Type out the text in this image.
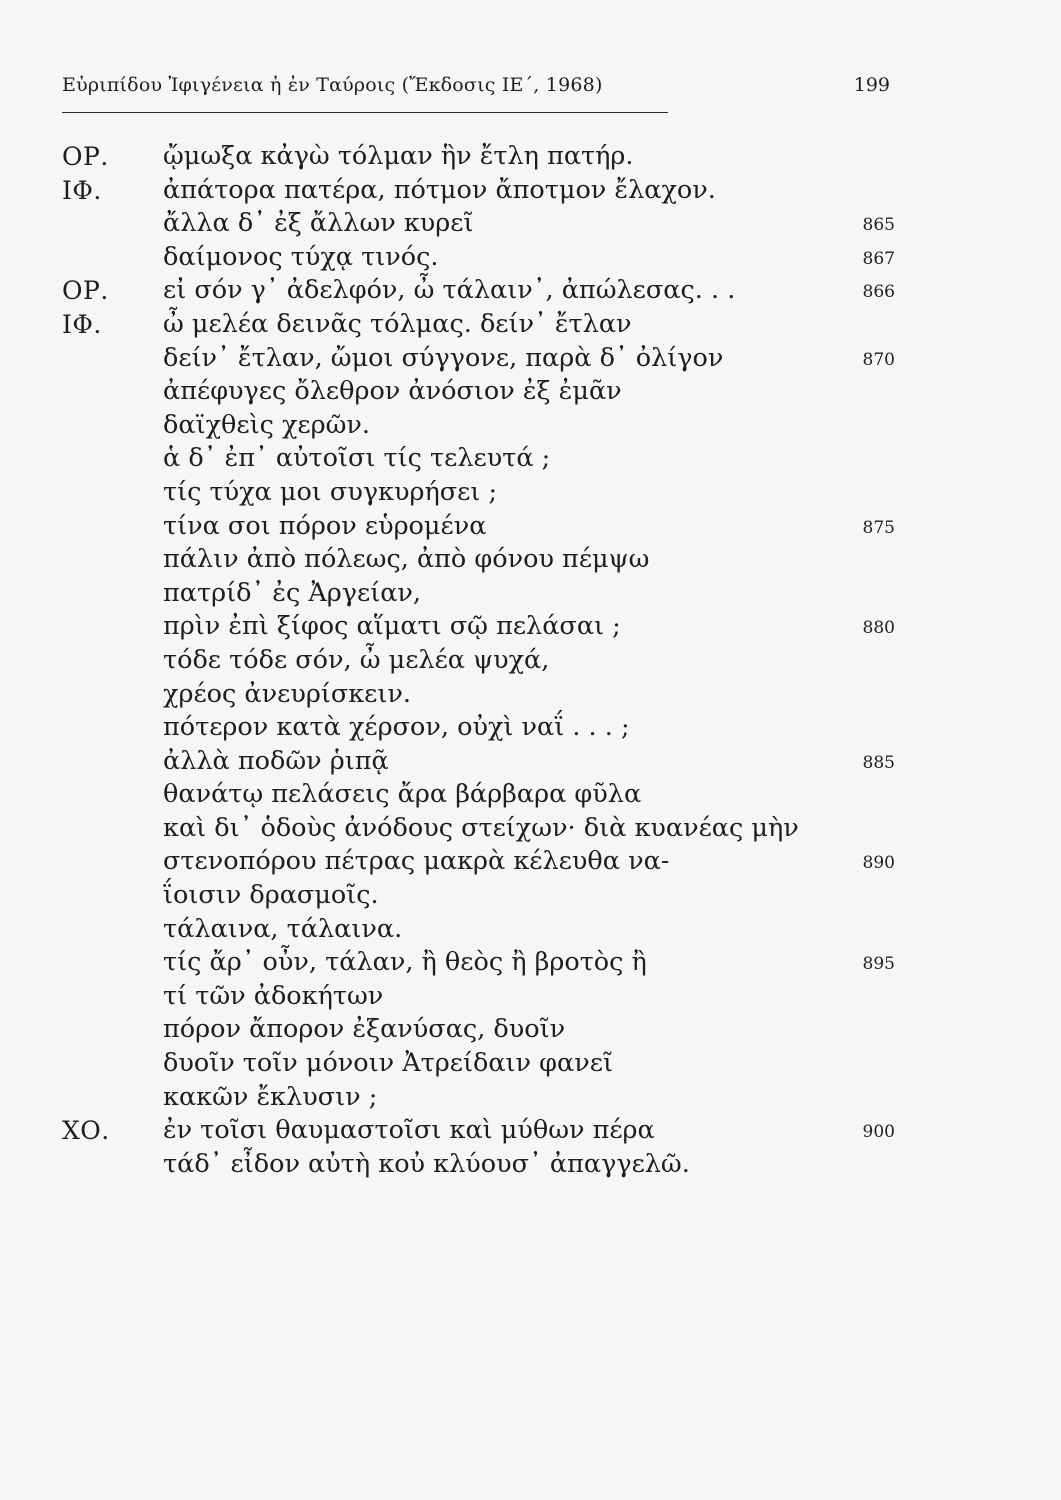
Εὐριπίδου Ἰφιγένεια ἡ ἐν Ταύροις (Ἔκδοσις ΙΕ΄, 1968)	199
ΟΡ. ᾤμωξα κἀγὼ τόλμαν ἣν ἔτλη πατήρ.
ΙΦ. ἀπάτορα πατέρα, πότμον ἄποτμον ἔλαχον.
ἄλλα δ᾿ ἐξ ἄλλων κυρεῖ	865
δαίμονος τύχᾳ τινός.	867
ΟΡ. εἰ σόν γ᾿ ἀδελφόν, ὦ τάλαιν᾿, ἀπώλεσας. . .	866
ΙΦ. ὦ μελέα δεινᾶς τόλμας. δείν᾿ ἔτλαν
δείν᾿ ἔτλαν, ὤμοι σύγγονε, παρὰ δ᾿ ὀλίγον	870
ἀπέφυγες ὄλεθρον ἀνόσιον ἐξ ἐμᾶν
δαϊχθεὶς χερῶν.
ἁ δ᾿ ἐπ᾿ αὐτοῖσι τίς τελευτά ;
τίς τύχα μοι συγκυρήσει ;
τίνα σοι πόρον εὑρομένα	875
πάλιν ἀπὸ πόλεως, ἀπὸ φόνου πέμψω
πατρίδ᾿ ἐς Ἀργείαν,
πρὶν ἐπὶ ξίφος αἵματι σῷ πελάσαι ;	880
τόδε τόδε σόν, ὦ μελέα ψυχά,
χρέος ἀνευρίσκειν.
πότερον κατὰ χέρσον, οὐχὶ ναΐ . . . ;
ἀλλὰ ποδῶν ῥιπᾷ	885
θανάτῳ πελάσεις ἄρα βάρβαρα φῦλα
καὶ δι᾿ ὁδοὺς ἀνόδους στείχων· διὰ κυανέας μὴν
στενοπόρου πέτρας μακρὰ κέλευθα να-	890
ΐοισιν δρασμοῖς.
τάλαινα, τάλαινα.
τίς ἄρ᾿ οὖν, τάλαν, ἢ θεὸς ἢ βροτὸς ἢ	895
τί τῶν ἀδοκήτων
πόρον ἄπορον ἐξανύσας, δυοῖν
δυοῖν τοῖν μόνοιν Ἀτρείδαιν φανεῖ
κακῶν ἔκλυσιν ;
ΧΟ. ἐν τοῖσι θαυμαστοῖσι καὶ μύθων πέρα	900
τάδ᾿ εἶδον αὐτὴ κοὐ κλύουσ᾿ ἀπαγγελῶ.
